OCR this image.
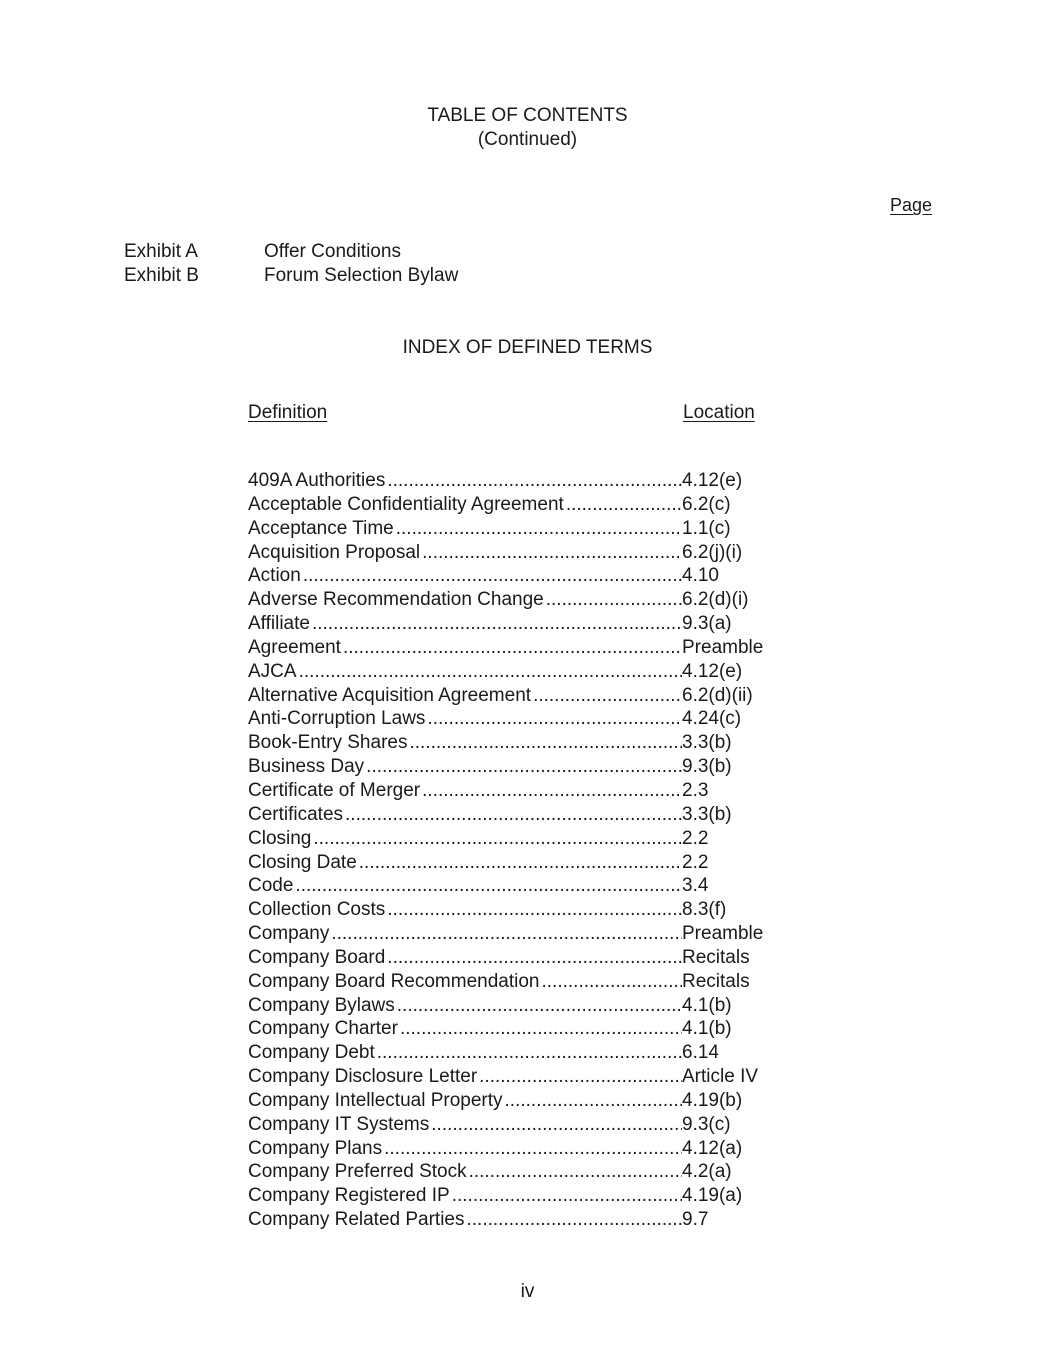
TABLE OF CONTENTS
(Continued)
Page
Exhibit A	Offer Conditions
Exhibit B	Forum Selection Bylaw
INDEX OF DEFINED TERMS
Definition	Location
409A Authorities .....	4.12(e)
Acceptable Confidentiality Agreement .....	6.2(c)
Acceptance Time .....	1.1(c)
Acquisition Proposal .....	6.2(j)(i)
Action .....	4.10
Adverse Recommendation Change .....	6.2(d)(i)
Affiliate .....	9.3(a)
Agreement .....	Preamble
AJCA .....	4.12(e)
Alternative Acquisition Agreement .....	6.2(d)(ii)
Anti-Corruption Laws .....	4.24(c)
Book-Entry Shares .....	3.3(b)
Business Day .....	9.3(b)
Certificate of Merger .....	2.3
Certificates .....	3.3(b)
Closing .....	2.2
Closing Date .....	2.2
Code .....	3.4
Collection Costs .....	8.3(f)
Company .....	Preamble
Company Board .....	Recitals
Company Board Recommendation .....	Recitals
Company Bylaws .....	4.1(b)
Company Charter .....	4.1(b)
Company Debt .....	6.14
Company Disclosure Letter .....	Article IV
Company Intellectual Property .....	4.19(b)
Company IT Systems .....	9.3(c)
Company Plans .....	4.12(a)
Company Preferred Stock .....	4.2(a)
Company Registered IP .....	4.19(a)
Company Related Parties .....	9.7
iv
